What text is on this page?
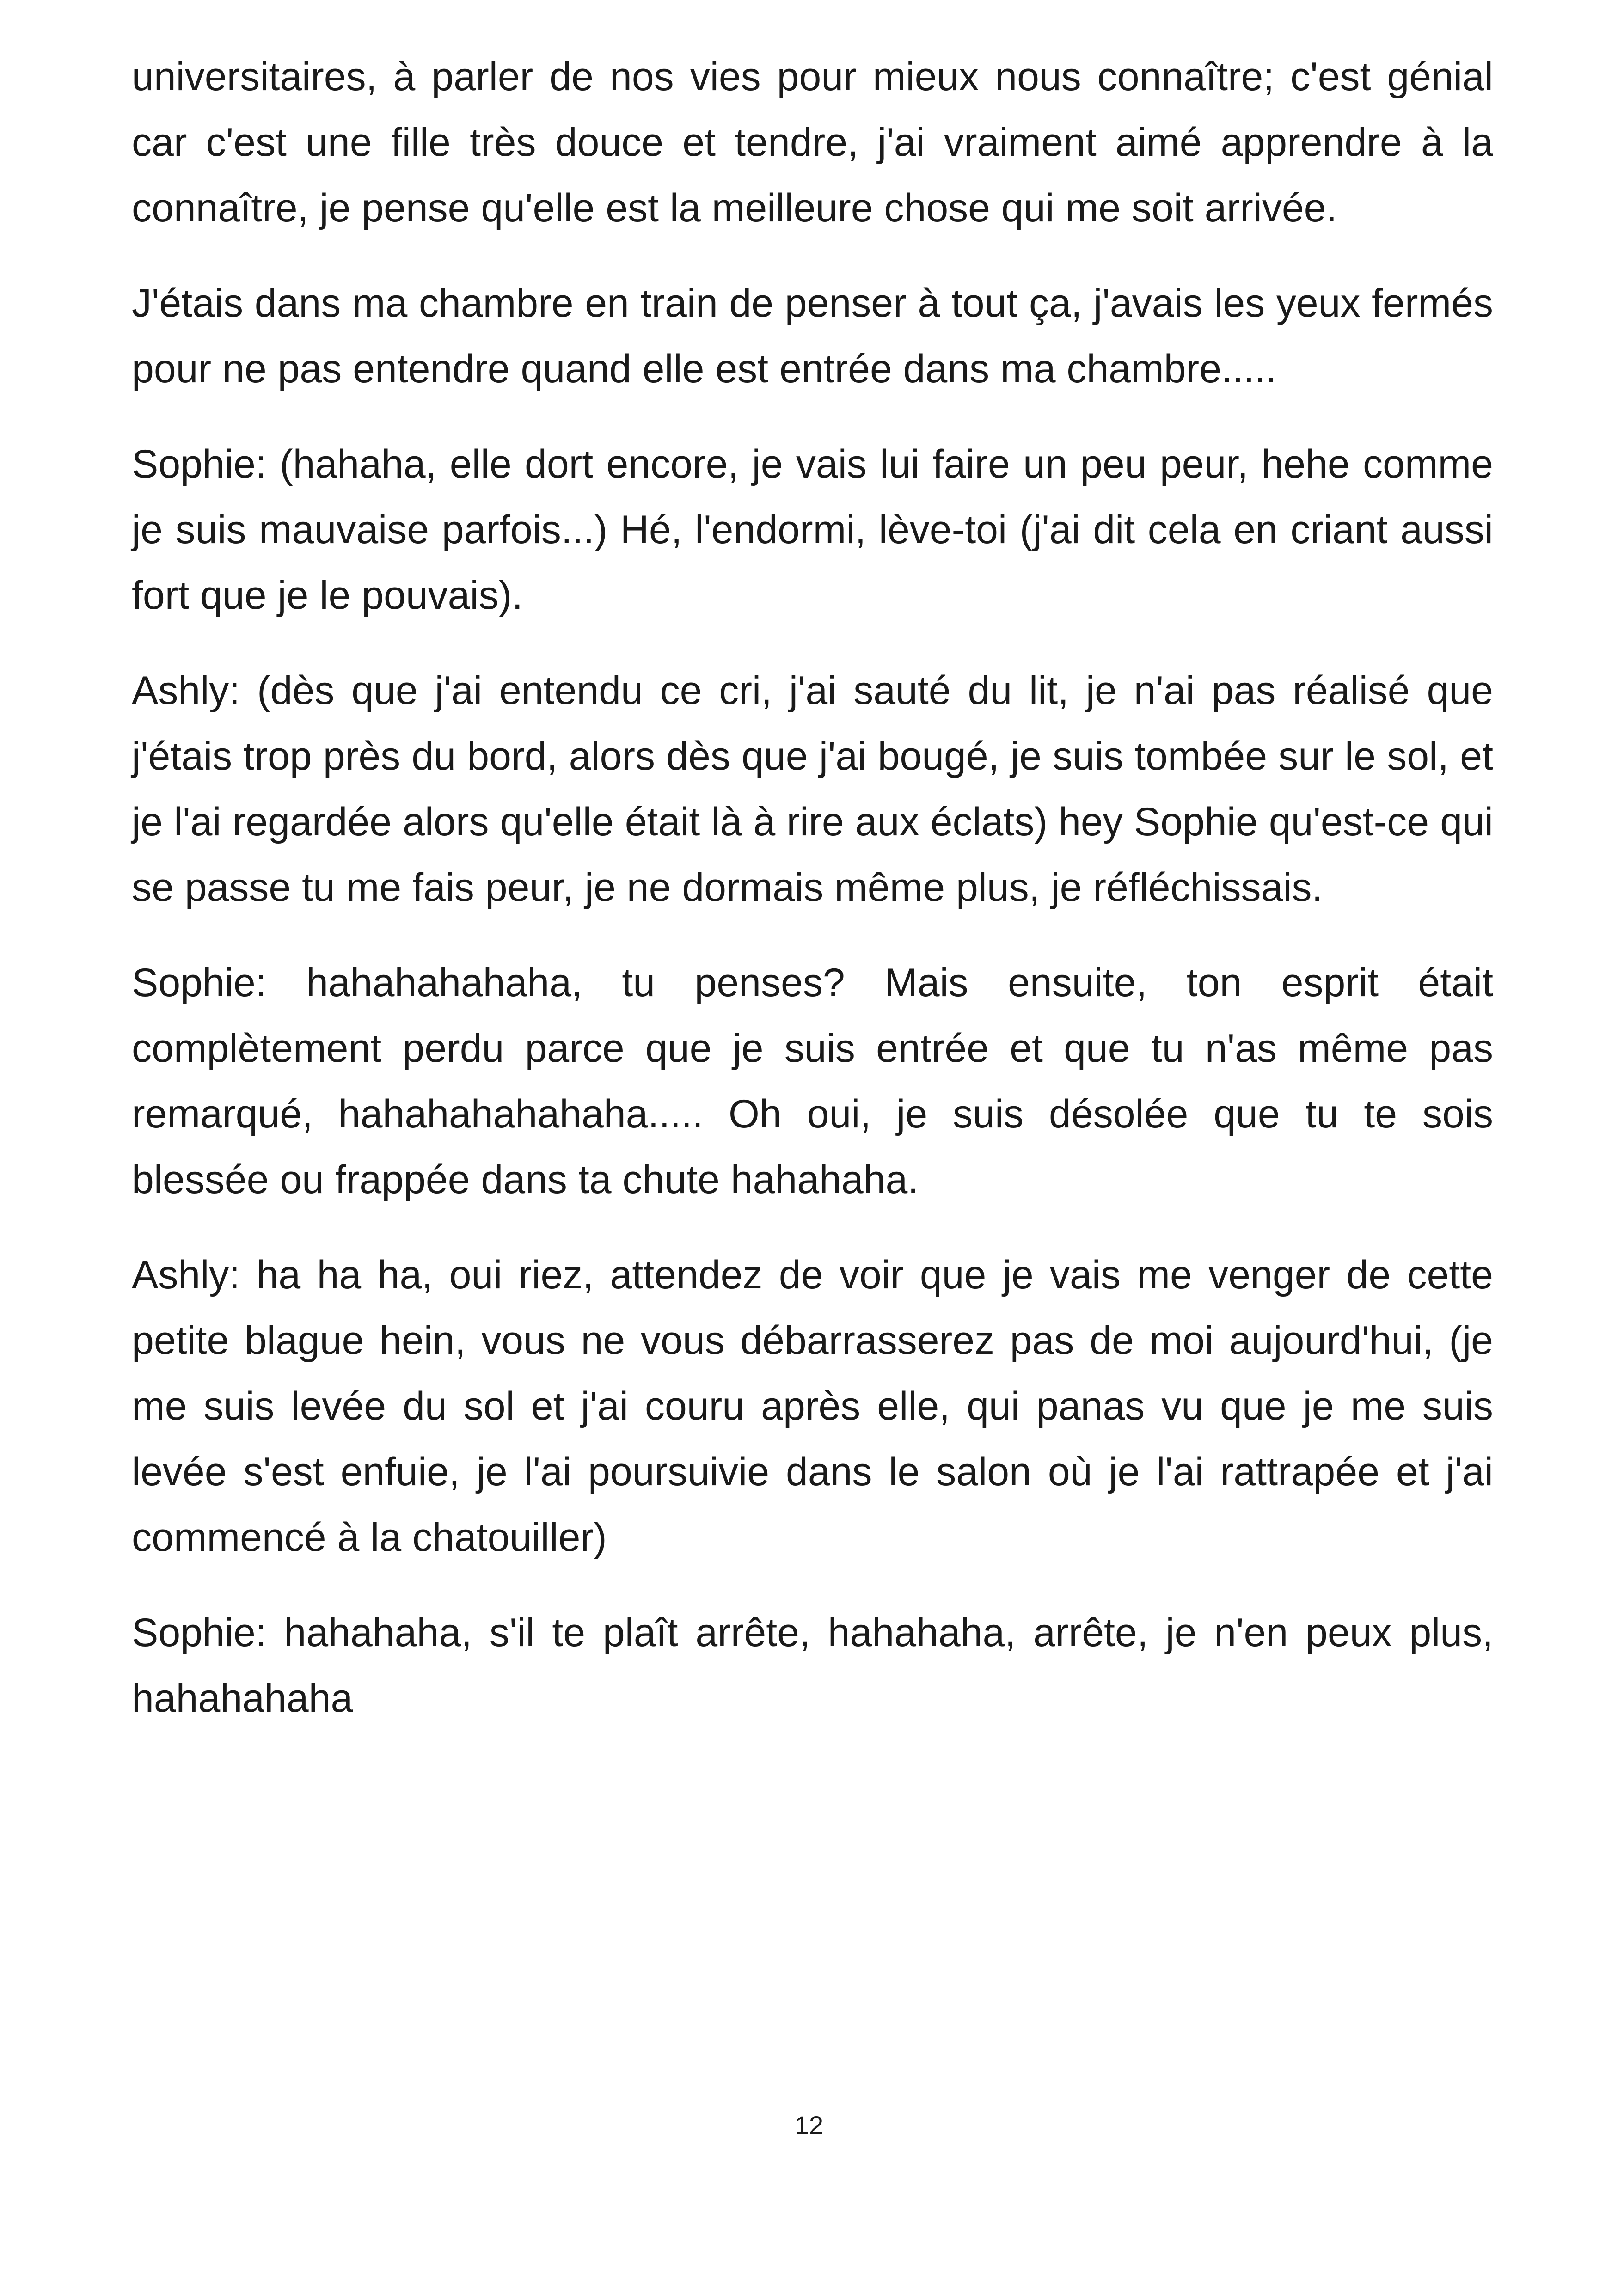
universitaires, à parler de nos vies pour mieux nous connaître; c'est génial car c'est une fille très douce et tendre, j'ai vraiment aimé apprendre à la connaître, je pense qu'elle est la meilleure chose qui me soit arrivée.

J'étais dans ma chambre en train de penser à tout ça, j'avais les yeux fermés pour ne pas entendre quand elle est entrée dans ma chambre.....

Sophie: (hahaha, elle dort encore, je vais lui faire un peu peur, hehe comme je suis mauvaise parfois...) Hé, l'endormi, lève-toi (j'ai dit cela en criant aussi fort que je le pouvais).

Ashly: (dès que j'ai entendu ce cri, j'ai sauté du lit, je n'ai pas réalisé que j'étais trop près du bord, alors dès que j'ai bougé, je suis tombée sur le sol, et je l'ai regardée alors qu'elle était là à rire aux éclats) hey Sophie qu'est-ce qui se passe tu me fais peur, je ne dormais même plus, je réfléchissais.

Sophie: hahahahahaha, tu penses? Mais ensuite, ton esprit était complètement perdu parce que je suis entrée et que tu n'as même pas remarqué, hahahahahahaha..... Oh oui, je suis désolée que tu te sois blessée ou frappée dans ta chute hahahaha.

Ashly: ha ha ha, oui riez, attendez de voir que je vais me venger de cette petite blague hein, vous ne vous débarrasserez pas de moi aujourd'hui, (je me suis levée du sol et j'ai couru après elle, qui panas vu que je me suis levée s'est enfuie, je l'ai poursuivie dans le salon où je l'ai rattrapée et j'ai commencé à la chatouiller)

Sophie: hahahaha, s'il te plaît arrête, hahahaha, arrête, je n'en peux plus, hahahahaha

12
